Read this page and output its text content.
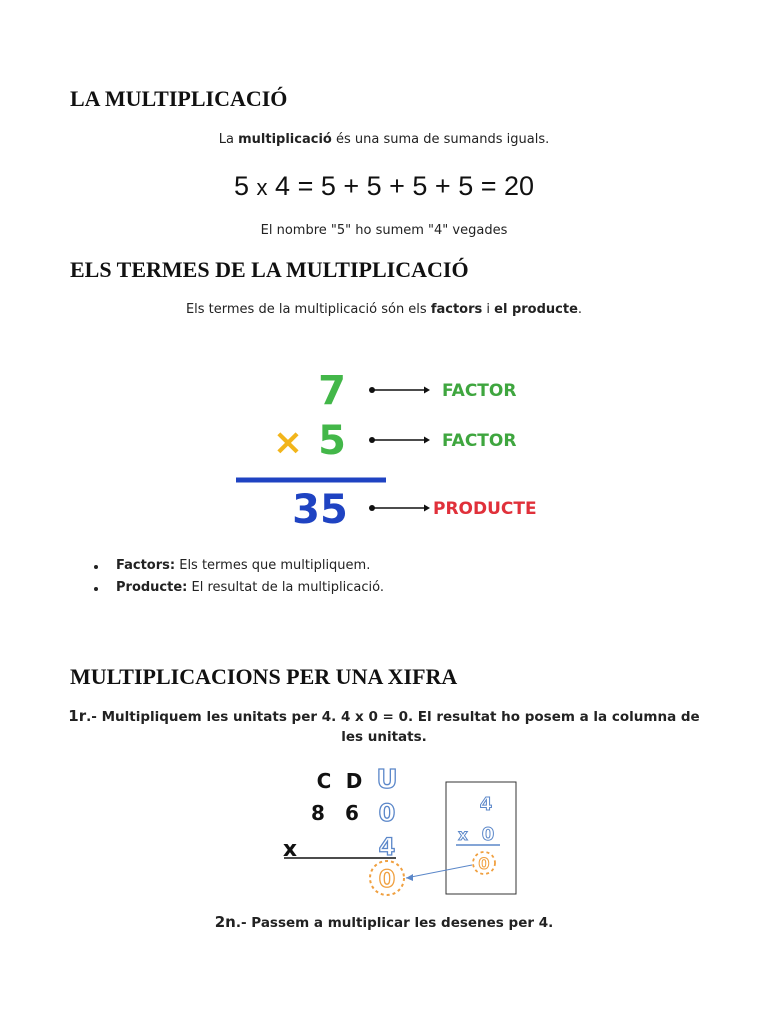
LA MULTIPLICACIÓ
La multiplicació és una suma de sumands iguals.
5 x 4 = 5 + 5 + 5 + 5 = 20
El nombre "5" ho sumem "4" vegades
ELS TERMES DE LA MULTIPLICACIÓ
Els termes de la multiplicació són els factors i el producte.
7
× 5
35
FACTOR
FACTOR
PRODUCTE
Factors: Els termes que multipliquem.
Producte: El resultat de la multiplicació.
MULTIPLICACIONS PER UNA XIFRA
1r.- Multipliquem les unitats per 4. 4 x 0 = 0. El resultat ho posem a la columna de les unitats.
C D
8 6
x
U
0
4
0
4
0
x
0
2n.- Passem a multiplicar les desenes per 4.
